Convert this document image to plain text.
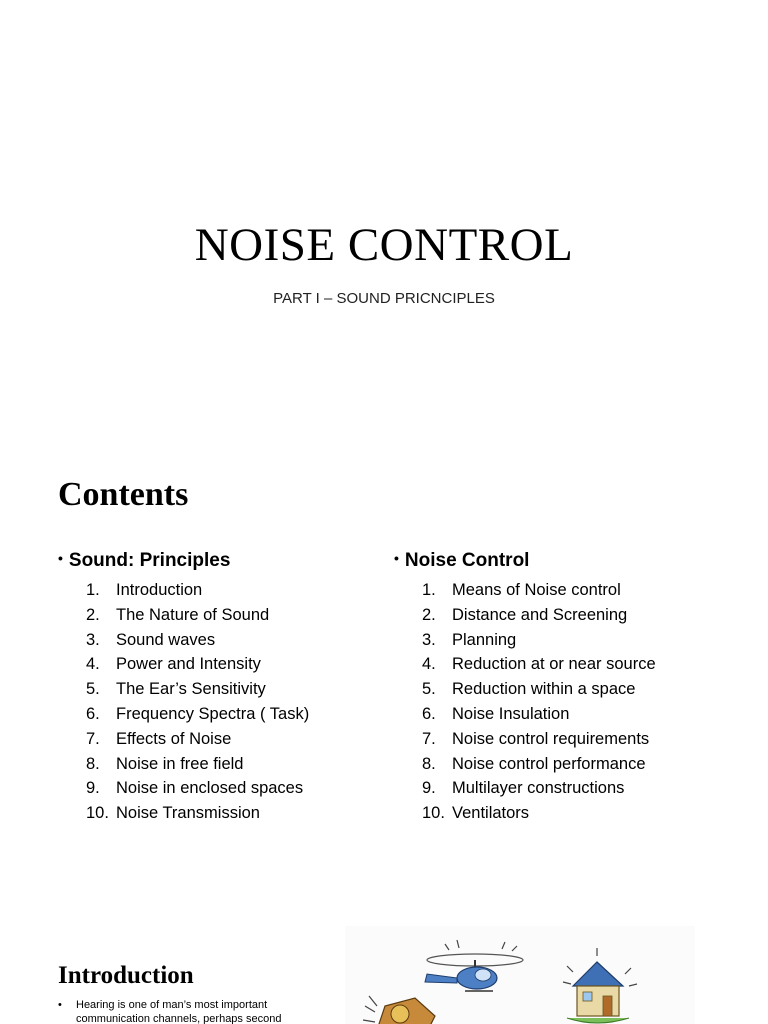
NOISE CONTROL
PART I – SOUND PRICNCIPLES
Contents
• Sound: Principles
1. Introduction
2. The Nature of Sound
3. Sound waves
4. Power and Intensity
5. The Ear’s Sensitivity
6. Frequency Spectra ( Task)
7. Effects of Noise
8. Noise in free field
9. Noise in enclosed spaces
10. Noise Transmission
• Noise Control
1. Means of Noise control
2. Distance and Screening
3. Planning
4. Reduction at or near source
5. Reduction within a space
6. Noise Insulation
7. Noise control requirements
8. Noise control performance
9. Multilayer constructions
10. Ventilators
Introduction
•	Hearing is one of man’s most important communication channels, perhaps second
